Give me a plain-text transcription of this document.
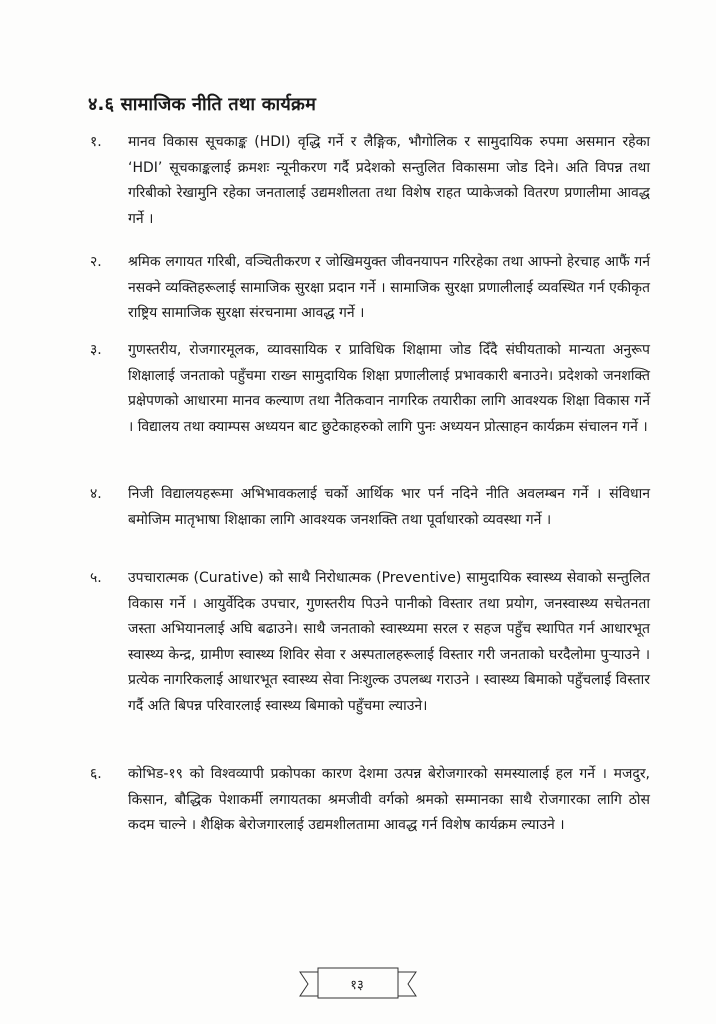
४.६ सामाजिक नीति तथा कार्यक्रम
१.	मानव विकास सूचकाङ्क (HDI) वृद्धि गर्ने र लैङ्गिक, भौगोलिक र सामुदायिक रुपमा असमान रहेका ‘HDI’ सूचकाङ्कलाई क्रमशः न्यूनीकरण गर्दै प्रदेशको सन्तुलित विकासमा जोड दिने। अति विपन्न तथा गरिबीको रेखामुनि रहेका जनतालाई उद्यमशीलता तथा विशेष राहत प्याकेजको वितरण प्रणालीमा आवद्ध गर्ने ।
२.	श्रमिक लगायत गरिबी, वञ्चितीकरण र जोखिमयुक्त जीवनयापन गरिरहेका तथा आफ्नो हेरचाह आफैं गर्न नसक्ने व्यक्तिहरूलाई सामाजिक सुरक्षा प्रदान गर्ने । सामाजिक सुरक्षा प्रणालीलाई व्यवस्थित गर्न एकीकृत राष्ट्रिय सामाजिक सुरक्षा संरचनामा आवद्ध गर्ने ।
३.	गुणस्तरीय, रोजगारमूलक, व्यावसायिक र प्राविधिक शिक्षामा जोड दिँदै संघीयताको मान्यता अनुरूप शिक्षालाई जनताको पहुँचमा राख्न सामुदायिक शिक्षा प्रणालीलाई प्रभावकारी बनाउने। प्रदेशको जनशक्ति प्रक्षेपणको आधारमा मानव कल्याण तथा नैतिकवान नागरिक तयारीका लागि आवश्यक शिक्षा विकास गर्ने । विद्यालय तथा क्याम्पस अध्ययन बाट छुटेकाहरुको लागि पुनः अध्ययन प्रोत्साहन कार्यक्रम संचालन गर्ने ।
४.	निजी विद्यालयहरूमा अभिभावकलाई चर्को आर्थिक भार पर्न नदिने नीति अवलम्बन गर्ने । संविधान बमोजिम मातृभाषा शिक्षाका लागि आवश्यक जनशक्ति तथा पूर्वाधारको व्यवस्था गर्ने ।
५.	उपचारात्मक (Curative) को साथै निरोधात्मक (Preventive) सामुदायिक स्वास्थ्य सेवाको सन्तुलित विकास गर्ने । आयुर्वेदिक उपचार, गुणस्तरीय पिउने पानीको विस्तार तथा प्रयोग, जनस्वास्थ्य सचेतनता जस्ता अभियानलाई अघि बढाउने। साथै जनताको स्वास्थ्यमा सरल र सहज पहुँच स्थापित गर्न आधारभूत स्वास्थ्य केन्द्र, ग्रामीण स्वास्थ्य शिविर सेवा र अस्पतालहरूलाई विस्तार गरी जनताको घरदैलोमा पुऱ्याउने । प्रत्येक नागरिकलाई आधारभूत स्वास्थ्य सेवा निःशुल्क उपलब्ध गराउने । स्वास्थ्य बिमाको पहुँचलाई विस्तार गर्दै अति बिपन्न परिवारलाई स्वास्थ्य बिमाको पहुँचमा ल्याउने।
६.	कोभिड-१९ को विश्वव्यापी प्रकोपका कारण देशमा उत्पन्न बेरोजगारको समस्यालाई हल गर्ने । मजदुर, किसान, बौद्धिक पेशाकर्मी लगायतका श्रमजीवी वर्गको श्रमको सम्मानका साथै रोजगारका लागि ठोस कदम चाल्ने । शैक्षिक बेरोजगारलाई उद्यमशीलतामा आवद्ध गर्न विशेष कार्यक्रम ल्याउने ।
१३
